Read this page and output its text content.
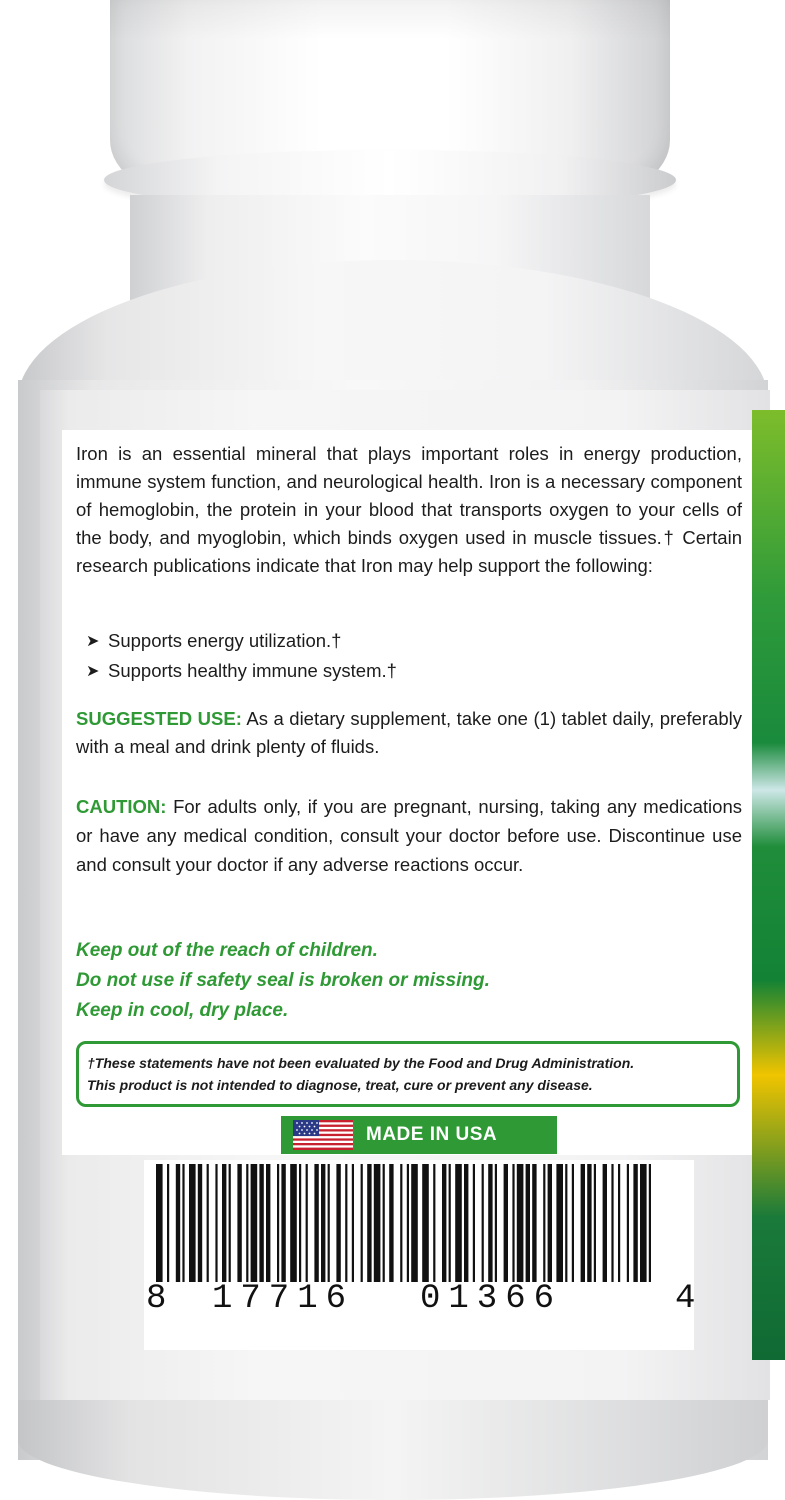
Iron is an essential mineral that plays important roles in energy production, immune system function, and neurological health. Iron is a necessary component of hemoglobin, the protein in your blood that transports oxygen to your cells of the body, and myoglobin, which binds oxygen used in muscle tissues.† Certain research publications indicate that Iron may help support the following:
➤ Supports energy utilization.†
➤ Supports healthy immune system.†
SUGGESTED USE: As a dietary supplement, take one (1) tablet daily, preferably with a meal and drink plenty of fluids.
CAUTION: For adults only, if you are pregnant, nursing, taking any medications or have any medical condition, consult your doctor before use. Discontinue use and consult your doctor if any adverse reactions occur.
Keep out of the reach of children.
Do not use if safety seal is broken or missing.
Keep in cool, dry place.
†These statements have not been evaluated by the Food and Drug Administration.
This product is not intended to diagnose, treat, cure or prevent any disease.
MADE IN USA
8 17716 01366	4
